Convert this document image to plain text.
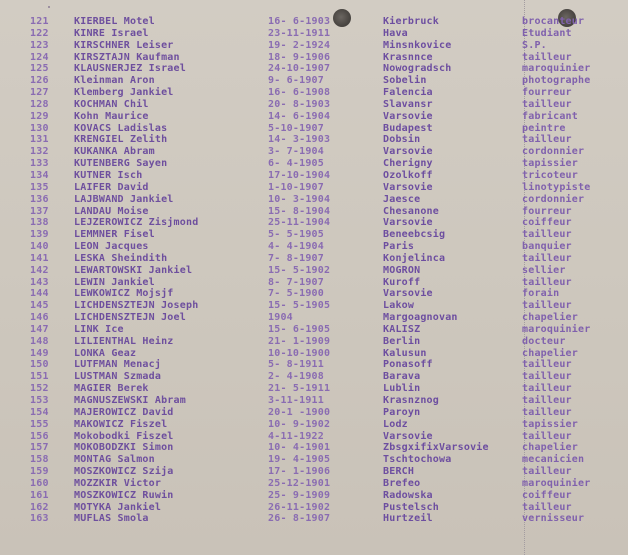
121	KIERBEL Motel	16- 6-1903	Kierbruck	brocanteur
122	KINRE Israel	23-11-1911	Hava	Etudiant
123	KIRSCHNER Leiser	19- 2-1924	Minsnkovice	S.P.
124	KIRSZTAJN Kaufman	18- 9-1906	Krasnnce	tailleur
125	KLAUSNERJEZ Israel	24-10-1907	Nowogradsch	maroquinier
126	Kleinman Aron	9- 6-1907	Sobelin	photographe
127	Klemberg Jankiel	16- 6-1908	Falencia	fourreur
128	KOCHMAN Chil	20- 8-1903	Slavansr	tailleur
129	Kohn Maurice	14- 6-1904	Varsovie	fabricant
130	KOVACS Ladislas	5-10-1907	Budapest	peintre
131	KRENGIEL Zelith	14- 3-1903	Dobsin	tailleur
132	KUKANKA Abram	3- 7-1904	Varsovie	cordonnier
133	KUTENBERG Sayen	6- 4-1905	Cherigny	tapissier
134	KUTNER Isch	17-10-1904	Ozolkoff	tricoteur
135	LAIFER David	1-10-1907	Varsovie	linotypiste
136	LAJBWAND Jankiel	10- 3-1904	Jaesce	cordonnier
137	LANDAU Moise	15- 8-1904	Chesanone	fourreur
138	LEJZEROWICZ Zisjmond	25-11-1904	Varsovie	coiffeur
139	LEMMNER Fisel	5- 5-1905	Beneebcsig	tailleur
140	LEON Jacques	4- 4-1904	Paris	banquier
141	LESKA Sheindith	7- 8-1907	Konjelinca	tailleur
142	LEWARTOWSKI Jankiel	15- 5-1902	MOGRON	sellier
143	LEWIN Jankiel	8- 7-1907	Kuroff	tailleur
144	LEWKOWICZ Mojsjf	7- 5-1900	Varsovie	forain
145	LICHDENSZTEJN Joseph	15- 5-1905	Lakow	tailleur
146	LICHDENSZTEJN Joel	1904	Margoagnovan	chapelier
147	LINK Ice	15- 6-1905	KALISZ	maroquinier
148	LILIENTHAL Heinz	21- 1-1909	Berlin	docteur
149	LONKA Geaz	10-10-1900	Kalusun	chapelier
150	LUTFMAN Menacj	5- 8-1911	Ponasoff	tailleur
151	LUSTMAN Szmada	2- 4-1908	Barava	tailleur
152	MAGIER Berek	21- 5-1911	Lublin	tailleur
153	MAGNUSZEWSKI Abram	3-11-1911	Krasnznog	tailleur
154	MAJEROWICZ David	20-1 -1900	Paroyn	tailleur
155	MAKOWICZ Fiszel	10- 9-1902	Lodz	tapissier
156	Mokobodki Fiszel	4-11-1922	Varsovie	tailleur
157	MOKOBODZKI Simon	10- 4-1901	ZbsgxifixVarsovie	chapelier
158	MONTAG Salmon	19- 4-1905	Tschtochowa	mecanicien
159	MOSZKOWICZ Szija	17- 1-1906	BERCH	tailleur
160	MOZZKIR Victor	25-12-1901	Brefeo	maroquinier
161	MOSZKOWICZ Ruwin	25- 9-1909	Radowska	coiffeur
162	MOTYKA Jankiel	26-11-1902	Pustelsch	tailleur
163	MUFLAS Smola	26- 8-1907	Hurtzeil	vernisseur
